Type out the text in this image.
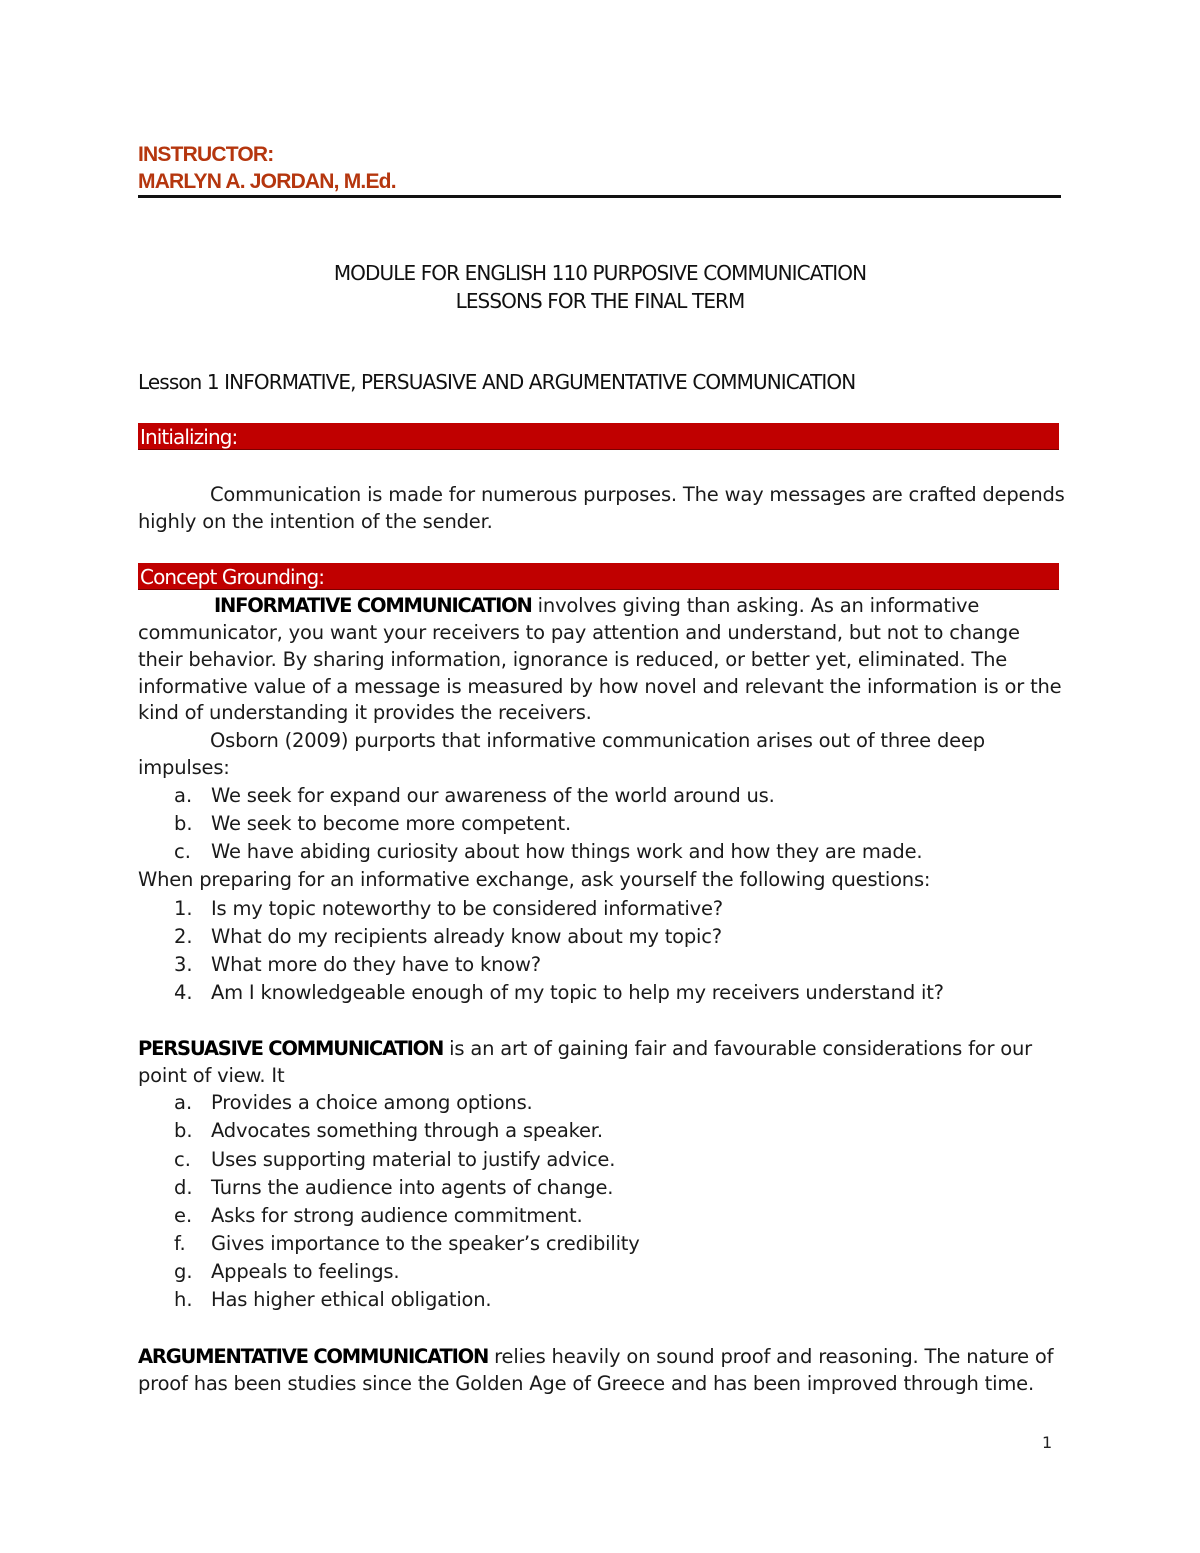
INSTRUCTOR:
MARLYN A. JORDAN, M.Ed.
MODULE FOR ENGLISH 110 PURPOSIVE COMMUNICATION
LESSONS FOR THE FINAL TERM
Lesson 1 INFORMATIVE, PERSUASIVE AND ARGUMENTATIVE COMMUNICATION
Initializing:
Communication is made for numerous purposes. The way messages are crafted depends
highly on the intention of the sender.
Concept Grounding:
INFORMATIVE COMMUNICATION involves giving than asking. As an informative
communicator, you want your receivers to pay attention and understand, but not to change
their behavior. By sharing information, ignorance is reduced, or better yet, eliminated. The
informative value of a message is measured by how novel and relevant the information is or the
kind of understanding it provides the receivers.
Osborn (2009) purports that informative communication arises out of three deep
impulses:
a. We seek for expand our awareness of the world around us.
b. We seek to become more competent.
c. We have abiding curiosity about how things work and how they are made.
When preparing for an informative exchange, ask yourself the following questions:
1. Is my topic noteworthy to be considered informative?
2. What do my recipients already know about my topic?
3. What more do they have to know?
4. Am I knowledgeable enough of my topic to help my receivers understand it?
PERSUASIVE COMMUNICATION is an art of gaining fair and favourable considerations for our
point of view. It
a. Provides a choice among options.
b. Advocates something through a speaker.
c. Uses supporting material to justify advice.
d. Turns the audience into agents of change.
e. Asks for strong audience commitment.
f. Gives importance to the speaker’s credibility
g. Appeals to feelings.
h. Has higher ethical obligation.
ARGUMENTATIVE COMMUNICATION relies heavily on sound proof and reasoning. The nature of
proof has been studies since the Golden Age of Greece and has been improved through time.
1
